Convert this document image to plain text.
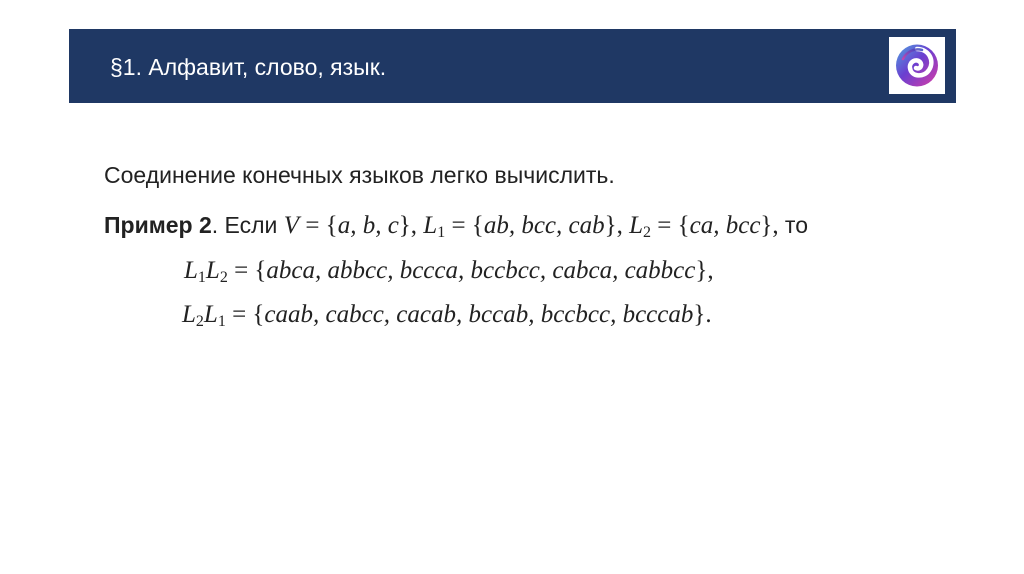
§1. Алфавит, слово, язык.
Соединение конечных языков легко вычислить.
Пример 2. Если V = {a, b, c}, $L_1 = \{ab$, bcc, cab}, $L_2 = \{ca$, bcc}, то
$L_1L_2$ = {abca, abbcc, bccca, bccbcc, cabca, cabbcc},
$L_2L_1$ = {caab, cabcc, cacab, bccab, bccbcc, bcccab}.
